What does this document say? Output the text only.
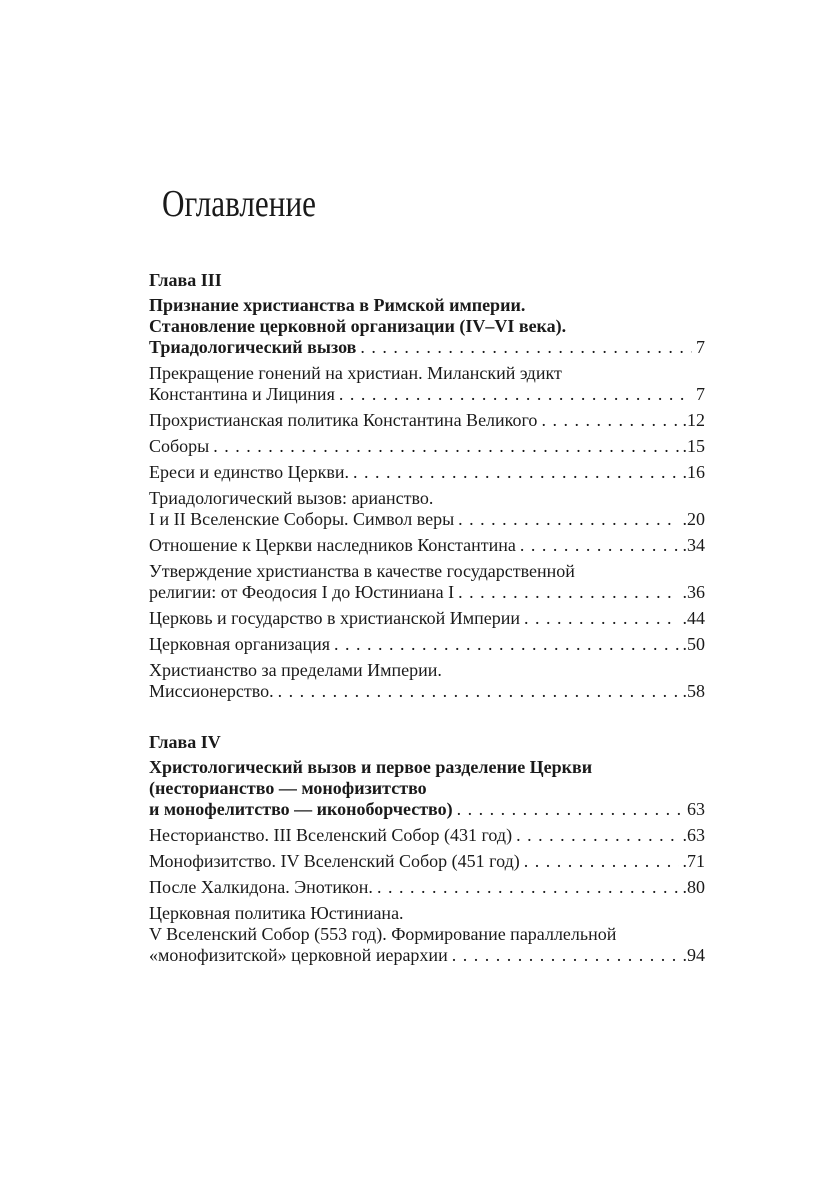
Оглавление
Глава III
Признание христианства в Римской империи.
Становление церковной организации (IV–VI века).
Триадологический вызов . . .	7
Прекращение гонений на христиан. Миланский эдикт
Константина и Лициния . . .	7
Прохристианская политика Константина Великого . . .	.12
Соборы . . .	.15
Ереси и единство Церкви. . . .	.16
Триадологический вызов: арианство.
I и II Вселенские Соборы. Символ веры . . .	.20
Отношение к Церкви наследников Константина . . .	.34
Утверждение христианства в качестве государственной
религии: от Феодосия I до Юстиниана I . . .	.36
Церковь и государство в христианской Империи . . .	.44
Церковная организация . . .	.50
Христианство за пределами Империи.
Миссионерство. . . .	.58
Глава IV
Христологический вызов и первое разделение Церкви
(несторианство — монофизитство
и монофелитство — иконоборчество) . . .	63
Несторианство. III Вселенский Собор (431 год) . . .	.63
Монофизитство. IV Вселенский Собор (451 год) . . .	.71
После Халкидона. Энотикон. . . .	.80
Церковная политика Юстиниана.
V Вселенский Собор (553 год). Формирование параллельной
«монофизитской» церковной иерархии . . .	.94
